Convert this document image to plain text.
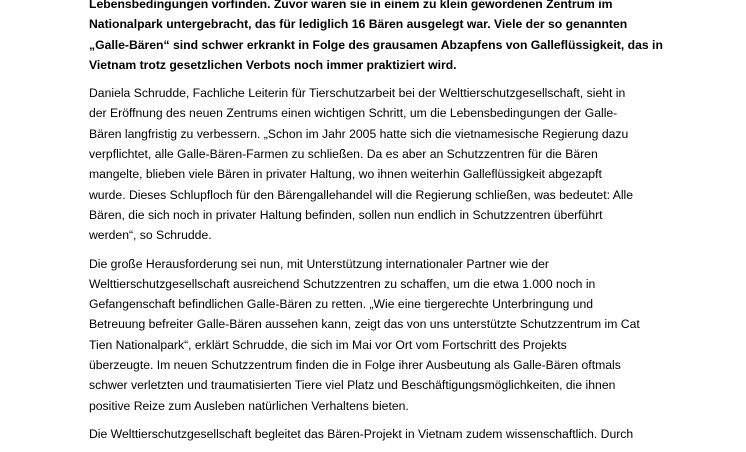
Lebensbedingungen vorfinden. Zuvor waren sie in einem zu klein gewordenen Zentrum im
Nationalpark untergebracht, das für lediglich 16 Bären ausgelegt war. Viele der so genannten
„Galle-Bären“ sind schwer erkrankt in Folge des grausamen Abzapfens von Galleflüssigkeit, das in
Vietnam trotz gesetzlichen Verbots noch immer praktiziert wird.

Daniela Schrudde, Fachliche Leiterin für Tierschutzarbeit bei der Welttierschutzgesellschaft, sieht in
der Eröffnung des neuen Zentrums einen wichtigen Schritt, um die Lebensbedingungen der Galle-
Bären langfristig zu verbessern. „Schon im Jahr 2005 hatte sich die vietnamesische Regierung dazu
verpflichtet, alle Galle-Bären-Farmen zu schließen. Da es aber an Schutzzentren für die Bären
mangelte, blieben viele Bären in privater Haltung, wo ihnen weiterhin Galleflüssigkeit abgezapft
wurde. Dieses Schlupfloch für den Bärengallehandel will die Regierung schließen, was bedeutet: Alle
Bären, die sich noch in privater Haltung befinden, sollen nun endlich in Schutzzentren überführt
werden“, so Schrudde.

Die große Herausforderung sei nun, mit Unterstützung internationaler Partner wie der
Welttierschutzgesellschaft ausreichend Schutzzentren zu schaffen, um die etwa 1.000 noch in
Gefangenschaft befindlichen Galle-Bären zu retten. „Wie eine tiergerechte Unterbringung und
Betreuung befreiter Galle-Bären aussehen kann, zeigt das von uns unterstützte Schutzzentrum im Cat
Tien Nationalpark“, erklärt Schrudde, die sich im Mai vor Ort vom Fortschritt des Projekts
überzeugte. Im neuen Schutzzentrum finden die in Folge ihrer Ausbeutung als Galle-Bären oftmals
schwer verletzten und traumatisierten Tiere viel Platz und Beschäftigungsmöglichkeiten, die ihnen
positive Reize zum Ausleben natürlichen Verhaltens bieten.

Die Welttierschutzgesellschaft begleitet das Bären-Projekt in Vietnam zudem wissenschaftlich. Durch
